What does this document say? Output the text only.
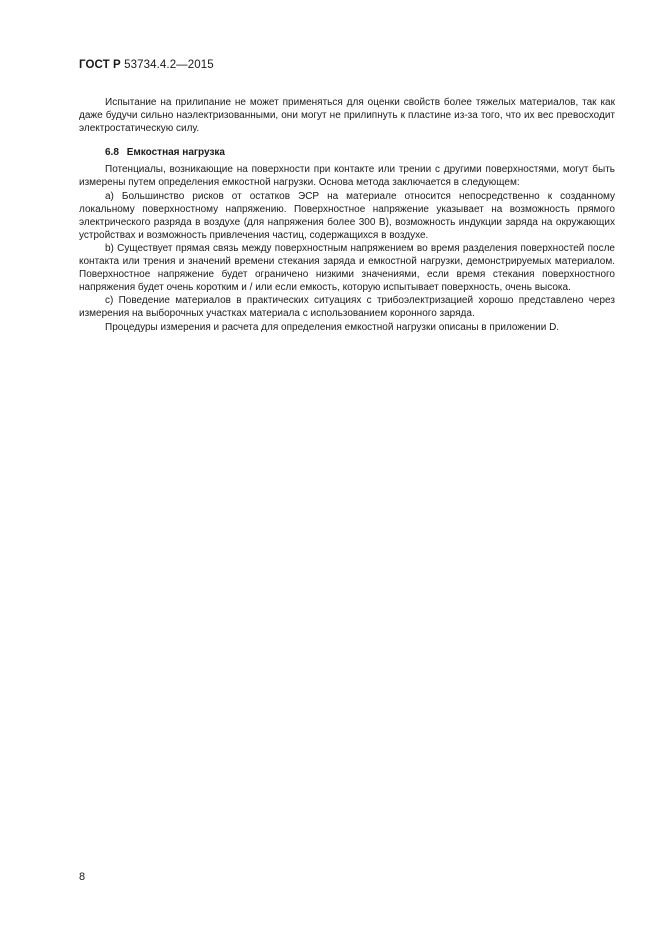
ГОСТ Р 53734.4.2—2015

Испытание на прилипание не может применяться для оценки свойств более тяжелых материалов, так как даже будучи сильно наэлектризованными, они могут не прилипнуть к пластине из-за того, что их вес превосходит электростатическую силу.

6.8 Емкостная нагрузка

Потенциалы, возникающие на поверхности при контакте или трении с другими поверхностями, могут быть измерены путем определения емкостной нагрузки. Основа метода заключается в следующем:

a) Большинство рисков от остатков ЭСР на материале относится непосредственно к созданному локальному поверхностному напряжению. Поверхностное напряжение указывает на возможность прямого электрического разряда в воздухе (для напряжения более 300 В), возможность индукции заряда на окружающих устройствах и возможность привлечения частиц, содержащихся в воздухе.

b) Существует прямая связь между поверхностным напряжением во время разделения поверхностей после контакта или трения и значений времени стекания заряда и емкостной нагрузки, демонстрируемых материалом. Поверхностное напряжение будет ограничено низкими значениями, если время стекания поверхностного напряжения будет очень коротким и / или если емкость, которую испытывает поверхность, очень высока.

c) Поведение материалов в практических ситуациях с трибоэлектризацией хорошо представлено через измерения на выборочных участках материала с использованием коронного заряда.

Процедуры измерения и расчета для определения емкостной нагрузки описаны в приложении D.

8
